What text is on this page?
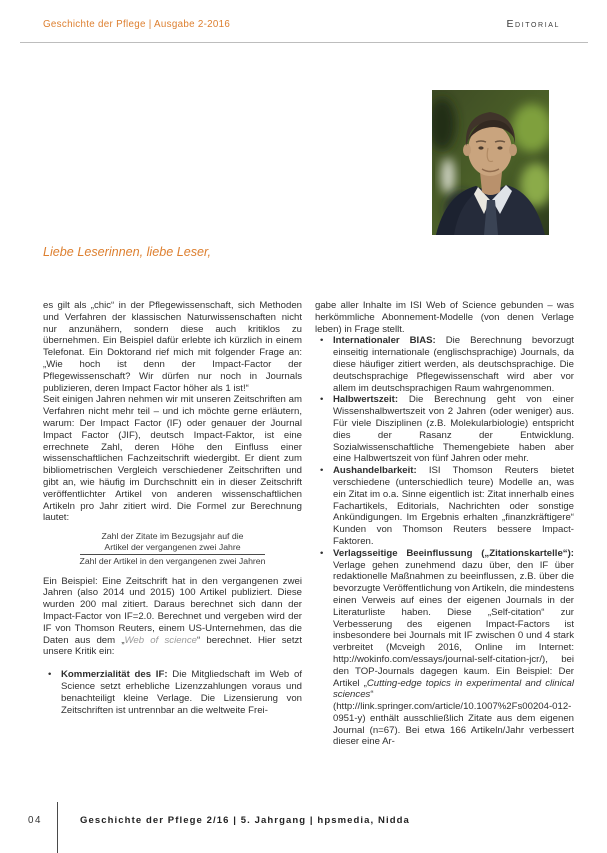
Geschichte der Pflege | Ausgabe 2-2016	Editorial
Liebe Leserinnen, liebe Leser,

es gilt als „chic“ in der Pflegewissenschaft, sich Methoden und Verfahren der klassischen Naturwissenschaften nicht nur anzunähern, sondern diese auch kritiklos zu übernehmen. Ein Beispiel dafür erlebte ich kürzlich in einem Telefonat. Ein Doktorand rief mich mit folgender Frage an: „Wie hoch ist denn der Impact-Factor der Pflegewissenschaft? Wir dürfen nur noch in Journals publizieren, deren Impact Factor höher als 1 ist!“

Seit einigen Jahren nehmen wir mit unseren Zeitschriften am Verfahren nicht mehr teil – und ich möchte gerne erläutern, warum: Der Impact Factor (IF) oder genauer der Journal Impact Factor (JIF), deutsch Impact-Faktor, ist eine errechnete Zahl, deren Höhe den Einfluss einer wissenschaftlichen Fachzeitschrift wiedergibt. Er dient zum bibliometrischen Vergleich verschiedener Zeitschriften und gibt an, wie häufig im Durchschnitt ein in dieser Zeitschrift veröffentlichter Artikel von anderen wissenschaftlichen Artikeln pro Jahr zitiert wird. Die Formel zur Berechnung lautet:

Zahl der Zitate im Bezugsjahr auf die
Artikel der vergangenen zwei Jahre
Zahl der Artikel in den vergangenen zwei Jahren

Ein Beispiel: Eine Zeitschrift hat in den vergangenen zwei Jahren (also 2014 und 2015) 100 Artikel publiziert. Diese wurden 200 mal zitiert. Daraus berechnet sich dann der Impact-Factor von IF=2.0. Berechnet und vergeben wird der IF von Thomson Reuters, einem US-Unternehmen, das die Daten aus dem „Web of science“ berechnet. Hier setzt unsere Kritik ein:

• Kommerzialität des IF: Die Mitgliedschaft im Web of Science setzt erhebliche Lizenzzahlungen voraus und benachteiligt kleine Verlage. Die Lizensierung von Zeitschriften ist untrennbar an die weltweite Frei-

gabe aller Inhalte im ISI Web of Science gebunden – was herkömmliche Abonnement-Modelle (von denen Verlage leben) in Frage stellt.

• Internationaler BIAS: Die Berechnung bevorzugt einseitig internationale (englischsprachige) Journals, da diese häufiger zitiert werden, als deutschsprachige. Die deutschsprachige Pflegewissenschaft wird aber vor allem im deutschsprachigen Raum wahrgenommen.

• Halbwertszeit: Die Berechnung geht von einer Wissenshalbwertszeit von 2 Jahren (oder weniger) aus. Für viele Disziplinen (z.B. Molekularbiologie) entspricht dies der Rasanz der Entwicklung. Sozialwissenschaftliche Themengebiete haben aber eine Halbwertszeit von fünf Jahren oder mehr.

• Aushandelbarkeit: ISI Thomson Reuters bietet verschiedene (unterschiedlich teure) Modelle an, was ein Zitat im o.a. Sinne eigentlich ist: Zitat innerhalb eines Fachartikels, Editorials, Nachrichten oder sonstige Ankündigungen. Im Ergebnis erhalten „finanzkräftigere“ Kunden von Thomson Reuters bessere Impact-Faktoren.

• Verlagsseitige Beeinflussung („Zitationskartelle“): Verlage gehen zunehmend dazu über, den IF über redaktionelle Maßnahmen zu beeinflussen, z.B. über die bevorzugte Veröffentlichung von Artikeln, die mindestens einen Verweis auf eines der eigenen Journals in der Literaturliste haben. Diese „Self-citation“ zur Verbesserung des eigenen Impact-Factors ist insbesondere bei Journals mit IF zwischen 0 und 4 stark verbreitet (Mcveigh 2016, Online im Internet: http://wokinfo.com/essays/journal-self-citation-jcr/), bei den TOP-Journals dagegen kaum. Ein Beispiel: Der Artikel „Cutting-edge topics in experimental and clinical sciences“ (http://link.springer.com/article/10.1007%2Fs00204-012-0951-y) enthält ausschließlich Zitate aus dem eigenen Journal (n=67). Bei etwa 166 Artikeln/Jahr verbessert dieser eine Ar-

04	Geschichte der Pflege 2/16 | 5. Jahrgang | hpsmedia, Nidda
